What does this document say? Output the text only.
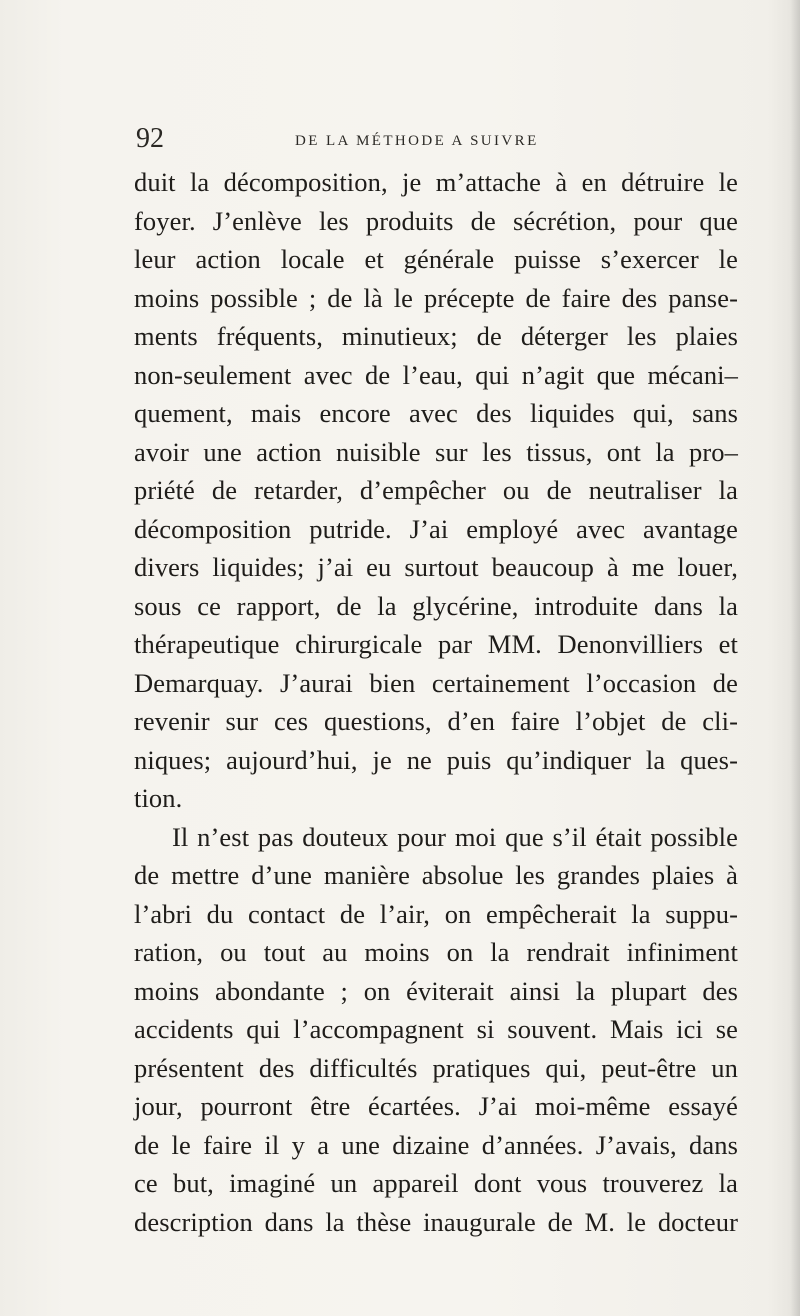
92	DE LA MÉTHODE A SUIVRE
duit la décomposition, je m’attache à en détruire le
foyer. J’enlève les produits de sécrétion, pour que
leur action locale et générale puisse s’exercer le
moins possible ; de là le précepte de faire des panse-
ments fréquents, minutieux; de déterger les plaies
non-seulement avec de l’eau, qui n’agit que mécani–
quement, mais encore avec des liquides qui, sans
avoir une action nuisible sur les tissus, ont la pro–
priété de retarder, d’empêcher ou de neutraliser la
décomposition putride. J’ai employé avec avantage
divers liquides; j’ai eu surtout beaucoup à me louer,
sous ce rapport, de la glycérine, introduite dans la
thérapeutique chirurgicale par MM. Denonvilliers et
Demarquay. J’aurai bien certainement l’occasion de
revenir sur ces questions, d’en faire l’objet de cli-
niques; aujourd’hui, je ne puis qu’indiquer la ques-
tion.
Il n’est pas douteux pour moi que s’il était possible
de mettre d’une manière absolue les grandes plaies à
l’abri du contact de l’air, on empêcherait la suppu-
ration, ou tout au moins on la rendrait infiniment
moins abondante ; on éviterait ainsi la plupart des
accidents qui l’accompagnent si souvent. Mais ici se
présentent des difficultés pratiques qui, peut-être un
jour, pourront être écartées. J’ai moi-même essayé
de le faire il y a une dizaine d’années. J’avais, dans
ce but, imaginé un appareil dont vous trouverez la
description dans la thèse inaugurale de M. le docteur
